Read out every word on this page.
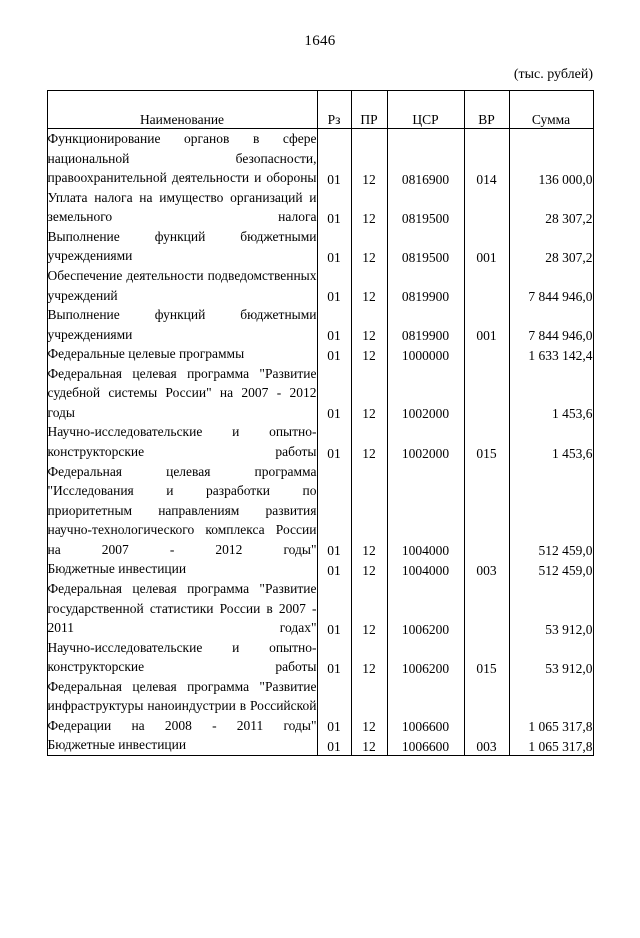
1646
(тыс. рублей)
Наименование	Рз	ПР	ЦСР	ВР	Сумма
Функционирование органов в сфере национальной безопасности, правоохранительной деятельности и обороны	01	12	0816900	014	136 000,0
Уплата налога на имущество организаций и земельного налога	01	12	0819500		28 307,2
Выполнение функций бюджетными учреждениями	01	12	0819500	001	28 307,2
Обеспечение деятельности подведомственных учреждений	01	12	0819900		7 844 946,0
Выполнение функций бюджетными учреждениями	01	12	0819900	001	7 844 946,0
Федеральные целевые программы	01	12	1000000		1 633 142,4
Федеральная целевая программа "Развитие судебной системы России" на 2007 - 2012 годы	01	12	1002000		1 453,6
Научно-исследовательские и опытно-конструкторские работы	01	12	1002000	015	1 453,6
Федеральная целевая программа "Исследования и разработки по приоритетным направлениям развития научно-технологического комплекса России на 2007 - 2012 годы"	01	12	1004000		512 459,0
Бюджетные инвестиции	01	12	1004000	003	512 459,0
Федеральная целевая программа "Развитие государственной статистики России в 2007 - 2011 годах"	01	12	1006200		53 912,0
Научно-исследовательские и опытно-конструкторские работы	01	12	1006200	015	53 912,0
Федеральная целевая программа "Развитие инфраструктуры наноиндустрии в Российской Федерации на 2008 - 2011 годы"	01	12	1006600		1 065 317,8
Бюджетные инвестиции	01	12	1006600	003	1 065 317,8
